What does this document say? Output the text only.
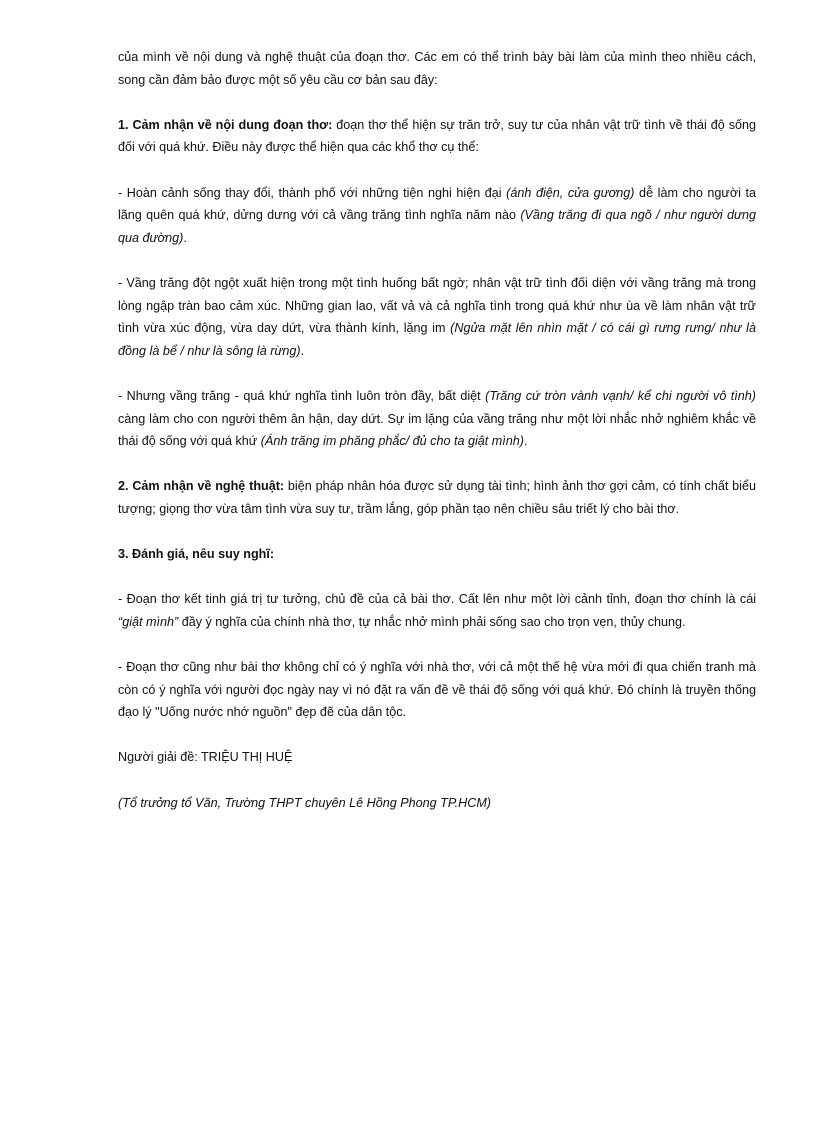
của mình về nội dung và nghệ thuật của đoạn thơ. Các em có thể trình bày bài làm của mình theo nhiều cách, song cần đảm bảo được một số yêu cầu cơ bản sau đây:

1. Cảm nhận về nội dung đoạn thơ: đoạn thơ thể hiện sự trăn trở, suy tư của nhân vật trữ tình về thái độ sống đối với quá khứ. Điều này được thể hiện qua các khổ thơ cụ thể:

- Hoàn cảnh sống thay đổi, thành phố với những tiện nghi hiện đại (ánh điện, cửa gương) dễ làm cho người ta lãng quên quá khứ, dửng dưng với cả vầng trăng tình nghĩa năm nào (Vầng trăng đi qua ngõ / như người dưng qua đường).

- Vầng trăng đột ngột xuất hiện trong một tình huống bất ngờ; nhân vật trữ tình đối diện với vầng trăng mà trong lòng ngập tràn bao cảm xúc. Những gian lao, vất vả và cả nghĩa tình trong quá khứ như ùa về làm nhân vật trữ tình vừa xúc động, vừa day dứt, vừa thành kính, lặng im (Ngửa mặt lên nhìn mặt / có cái gì rưng rưng/ như là đồng là bể / như là sông là rừng).

- Nhưng vầng trăng - quá khứ nghĩa tình luôn tròn đầy, bất diệt (Trăng cứ tròn vành vạnh/ kể chi người vô tình) càng làm cho con người thêm ân hận, day dứt. Sự im lặng của vầng trăng như một lời nhắc nhở nghiêm khắc về thái độ sống với quá khứ (Ánh trăng im phăng phắc/ đủ cho ta giật mình).

2. Cảm nhận về nghệ thuật: biện pháp nhân hóa được sử dụng tài tình; hình ảnh thơ gợi cảm, có tính chất biểu tượng; giọng thơ vừa tâm tình vừa suy tư, trầm lắng, góp phần tạo nên chiều sâu triết lý cho bài thơ.

3. Đánh giá, nêu suy nghĩ:

- Đoạn thơ kết tinh giá trị tư tưởng, chủ đề của cả bài thơ. Cất lên như một lời cảnh tỉnh, đoạn thơ chính là cái “giật mình” đầy ý nghĩa của chính nhà thơ, tự nhắc nhở mình phải sống sao cho trọn vẹn, thủy chung.

- Đoạn thơ cũng như bài thơ không chỉ có ý nghĩa với nhà thơ, với cả một thế hệ vừa mới đi qua chiến tranh mà còn có ý nghĩa với người đọc ngày nay vì nó đặt ra vấn đề về thái độ sống với quá khứ. Đó chính là truyền thống đạo lý "Uống nước nhớ nguồn" đẹp đẽ của dân tộc.

Người giải đề: TRIỆU THỊ HUỆ

(Tổ trưởng tổ Văn, Trường THPT chuyên Lê Hồng Phong TP.HCM)
